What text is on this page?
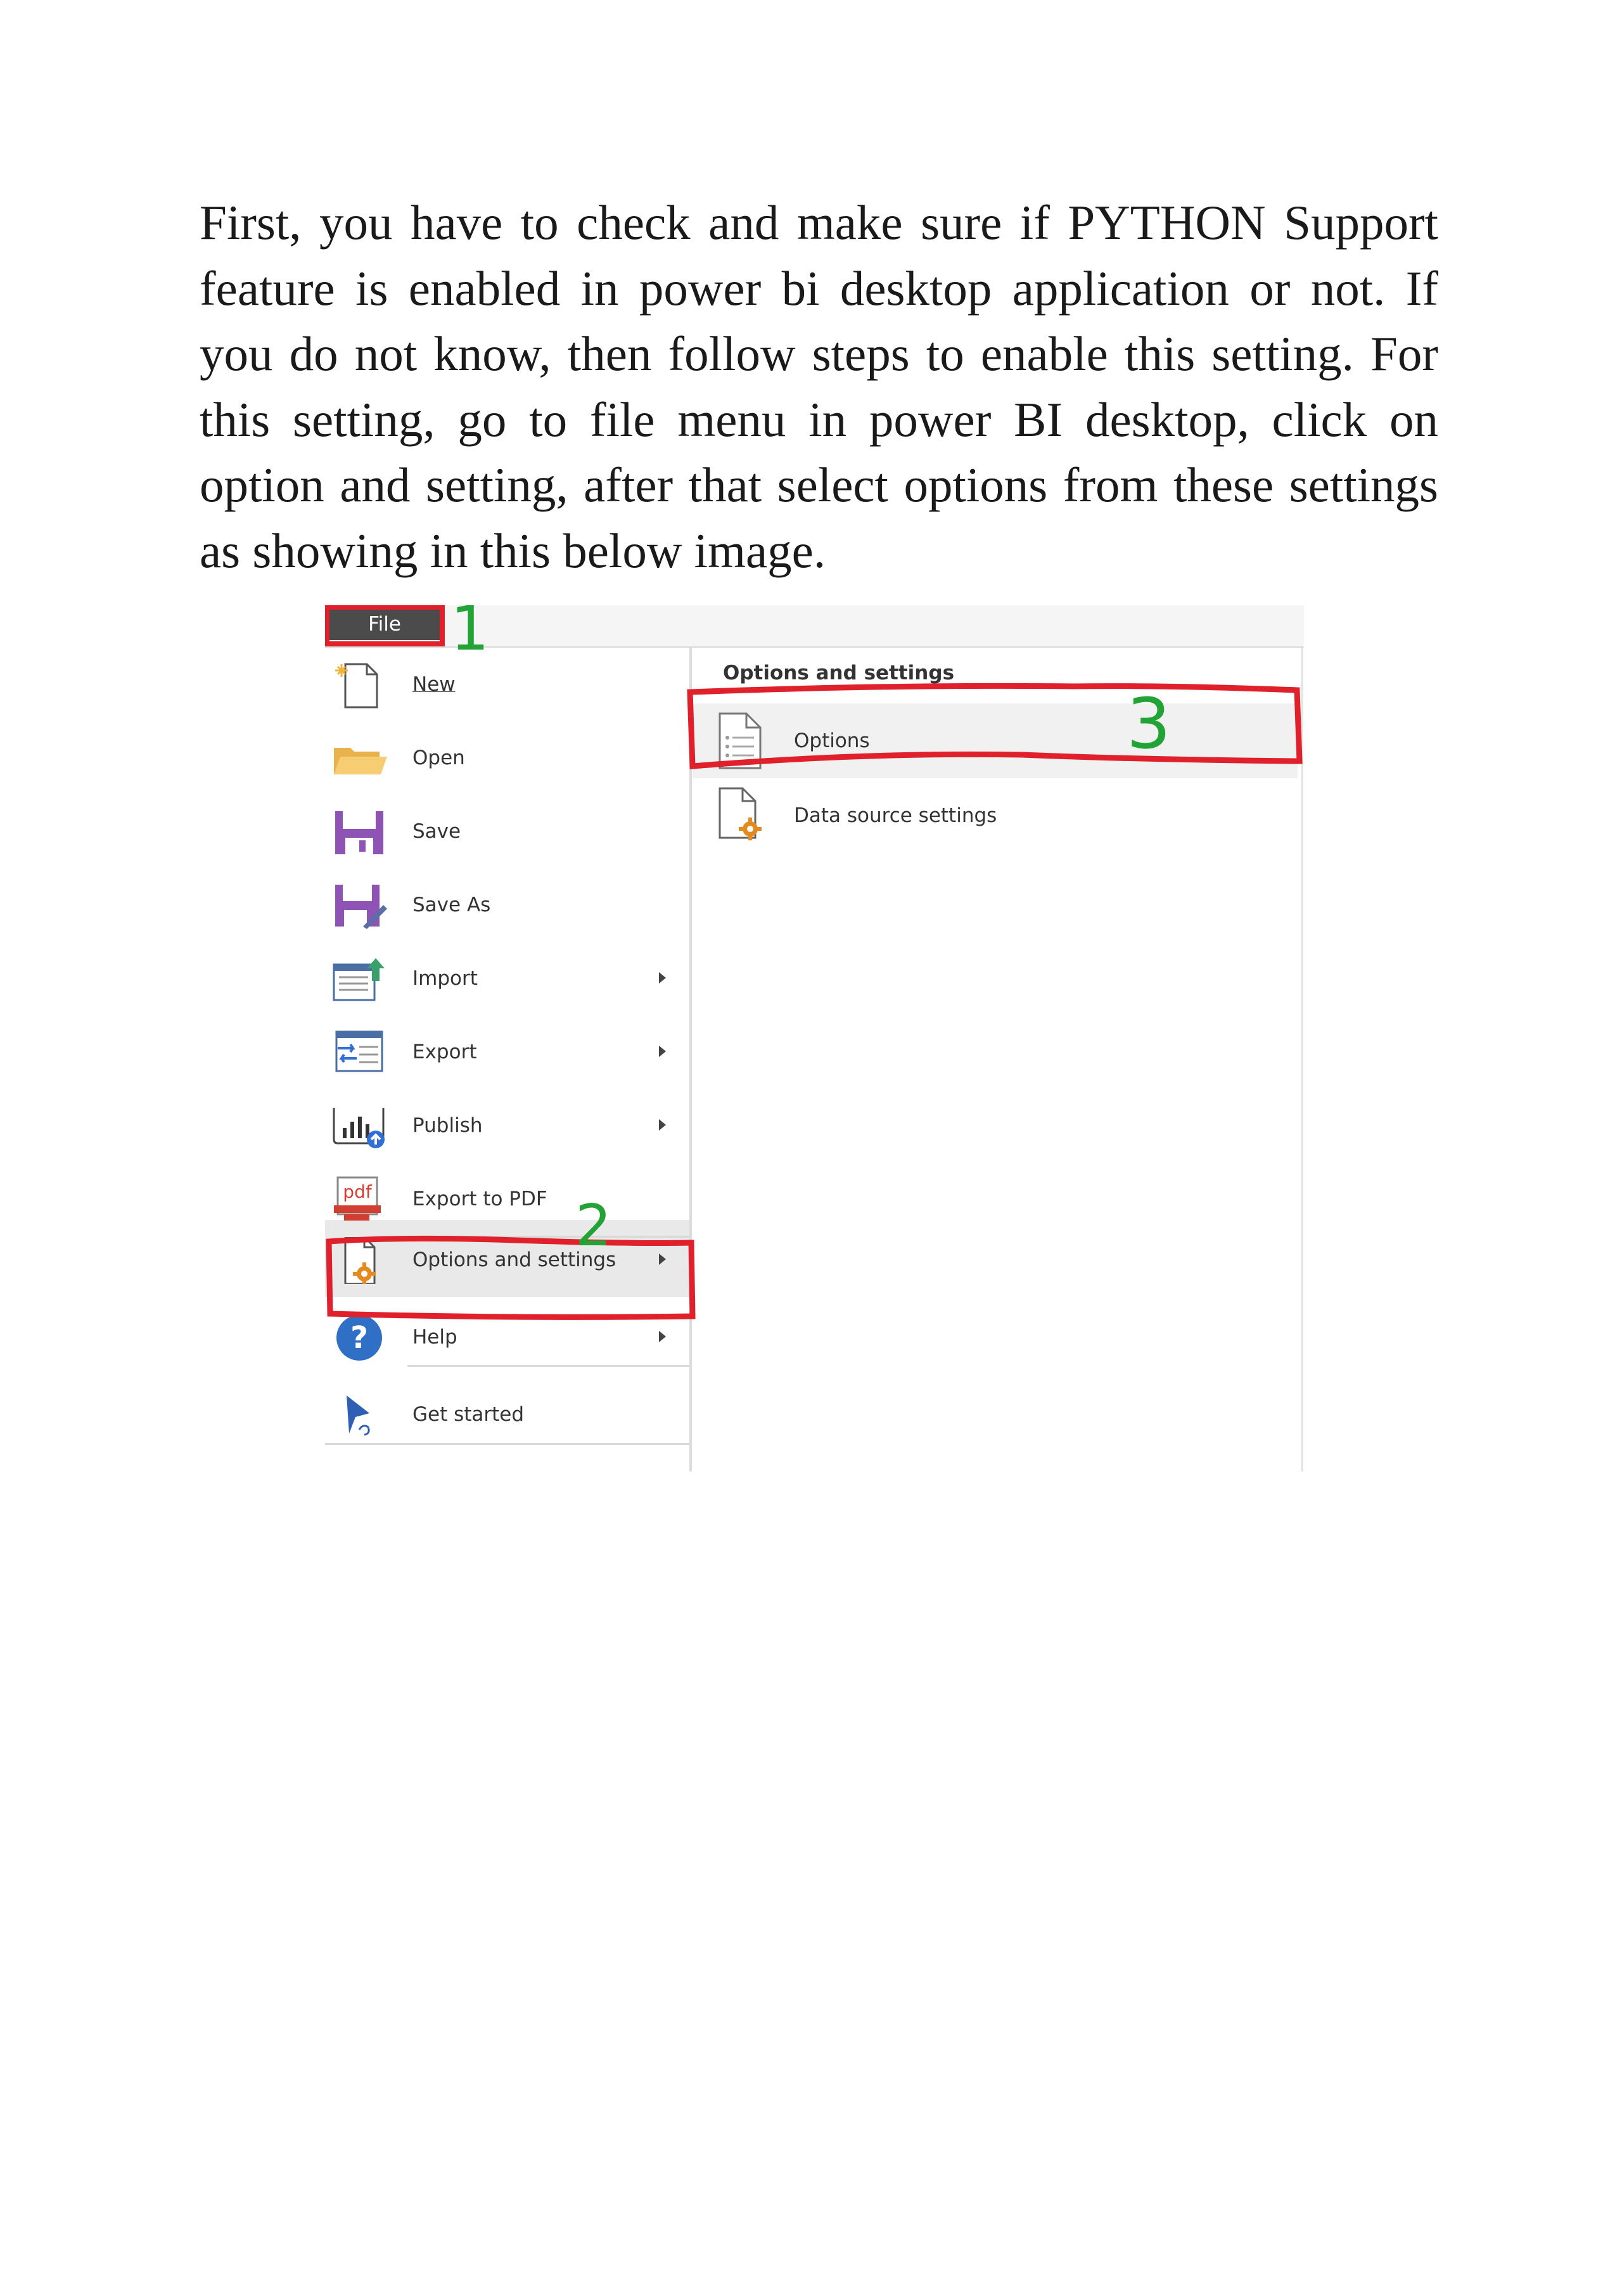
First, you have to check and make sure if PYTHON Support feature is enabled in power bi desktop application or not. If you do not know, then follow steps to enable this setting. For this setting, go to file menu in power BI desktop, click on option and setting, after that select options from these settings as showing in this below image.

File
New
Open
Save
Save As
Import
Export
Publish
pdf Export to PDF
Options and settings
? Help
Get started
Options and settings
Options
Data source settings
1
2
3
